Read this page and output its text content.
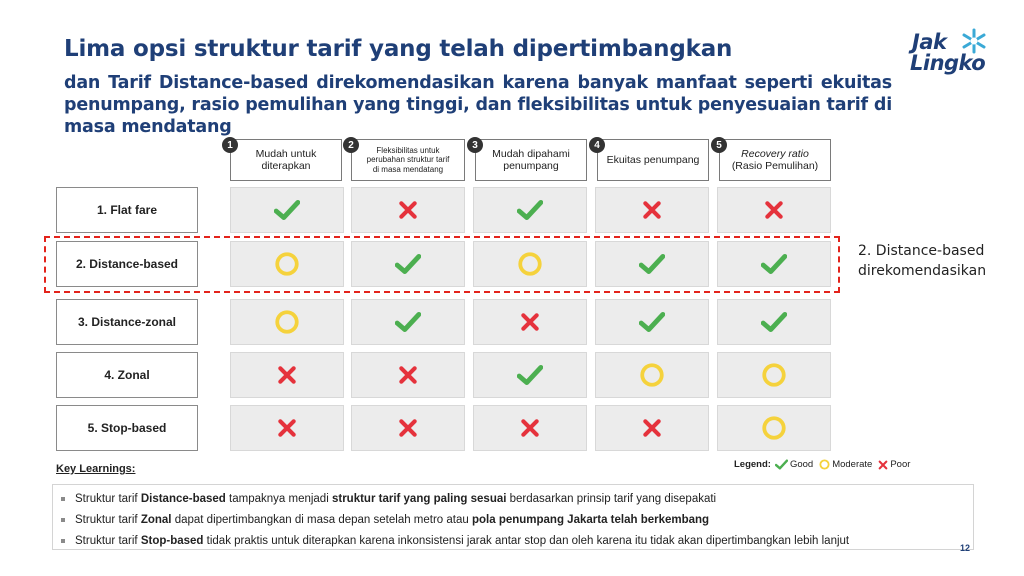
Lima opsi struktur tarif yang telah dipertimbangkan
dan Tarif Distance-based direkomendasikan karena banyak manfaat seperti ekuitas penumpang, rasio pemulihan yang tinggi, dan fleksibilitas untuk penyesuaian tarif di masa mendatang
Jak
Lingko
1
Mudah untuk
diterapkan
2	Fleksibilitas untuk
perubahan struktur tarif
di masa mendatang
3
Mudah dipahami
penumpang
4
Ekuitas penumpang
5
Recovery ratio
(Rasio Pemulihan)
1. Flat fare
2. Distance-based
3. Distance-zonal
4. Zonal
5. Stop-based
2. Distance-based
direkomendasikan
Key Learnings:	Legend: Good Moderate Poor
Struktur tarif Distance-based tampaknya menjadi struktur tarif yang paling sesuai berdasarkan prinsip tarif yang disepakati
Struktur tarif Zonal dapat dipertimbangkan di masa depan setelah metro atau pola penumpang Jakarta telah berkembang
Struktur tarif Stop-based tidak praktis untuk diterapkan karena inkonsistensi jarak antar stop dan oleh karena itu tidak akan dipertimbangkan lebih lanjut
12
